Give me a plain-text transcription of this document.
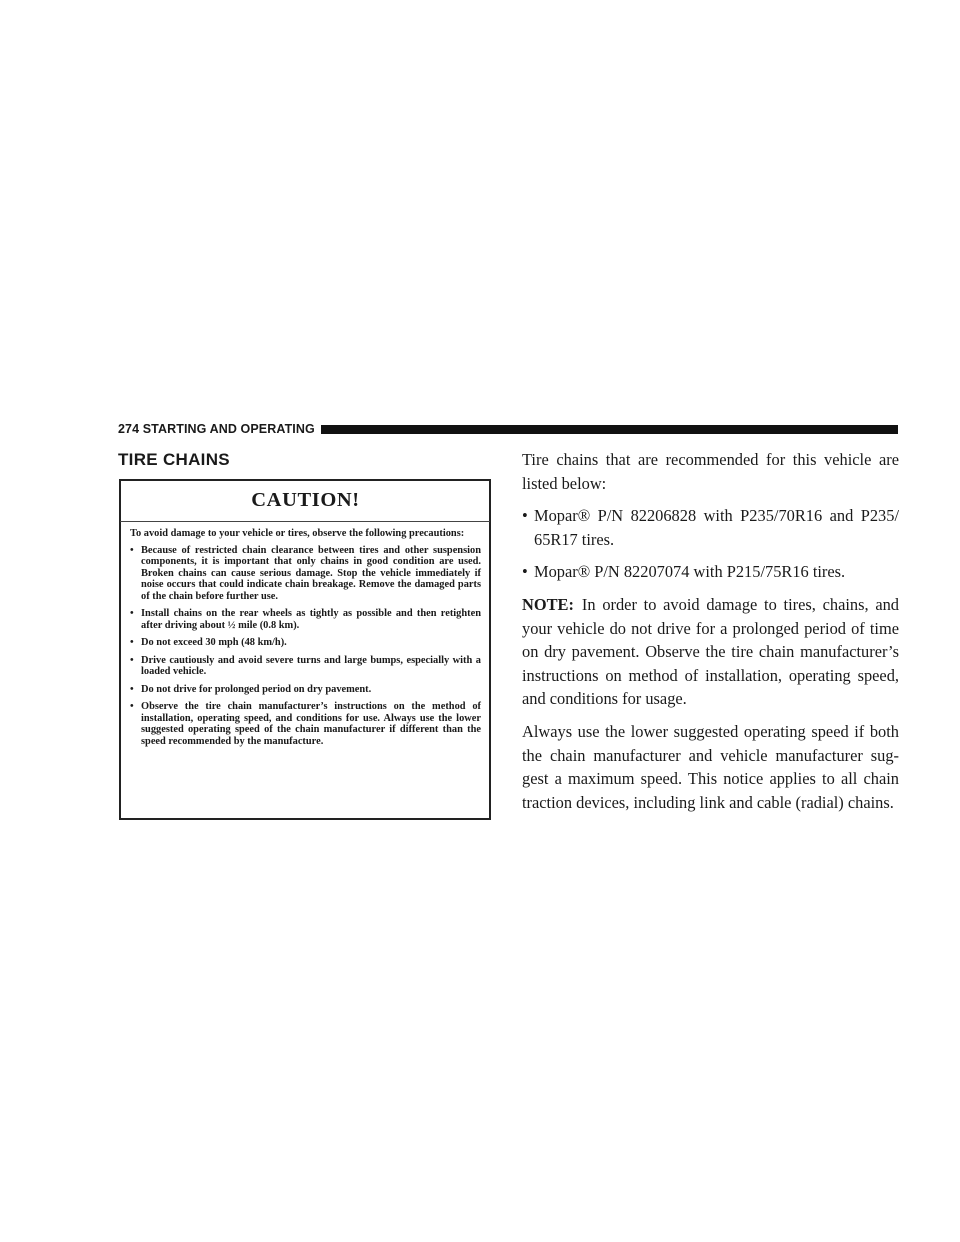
274 STARTING AND OPERATING
TIRE CHAINS
CAUTION!

To avoid damage to your vehicle or tires, observe the following precautions:

• Because of restricted chain clearance between tires and other suspension components, it is important that only chains in good condition are used. Broken chains can cause serious damage. Stop the vehicle immediately if noise occurs that could indicate chain breakage. Remove the damaged parts of the chain before further use.
• Install chains on the rear wheels as tightly as possible and then retighten after driving about ½ mile (0.8 km).
• Do not exceed 30 mph (48 km/h).
• Drive cautiously and avoid severe turns and large bumps, especially with a loaded vehicle.
• Do not drive for prolonged period on dry pavement.
• Observe the tire chain manufacturer’s instructions on the method of installation, operating speed, and conditions for use. Always use the lower suggested operating speed of the chain manufacturer if different than the speed recommended by the manufacture.

Tire chains that are recommended for this vehicle are listed below:

• Mopar® P/N 82206828 with P235/70R16 and P235/ 65R17 tires.
• Mopar® P/N 82207074 with P215/75R16 tires.

NOTE: In order to avoid damage to tires, chains, and your vehicle do not drive for a prolonged period of time on dry pavement. Observe the tire chain manufacturer’s instructions on method of installation, operating speed, and conditions for usage.

Always use the lower suggested operating speed if both the chain manufacturer and vehicle manufacturer sug- gest a maximum speed. This notice applies to all chain traction devices, including link and cable (radial) chains.
